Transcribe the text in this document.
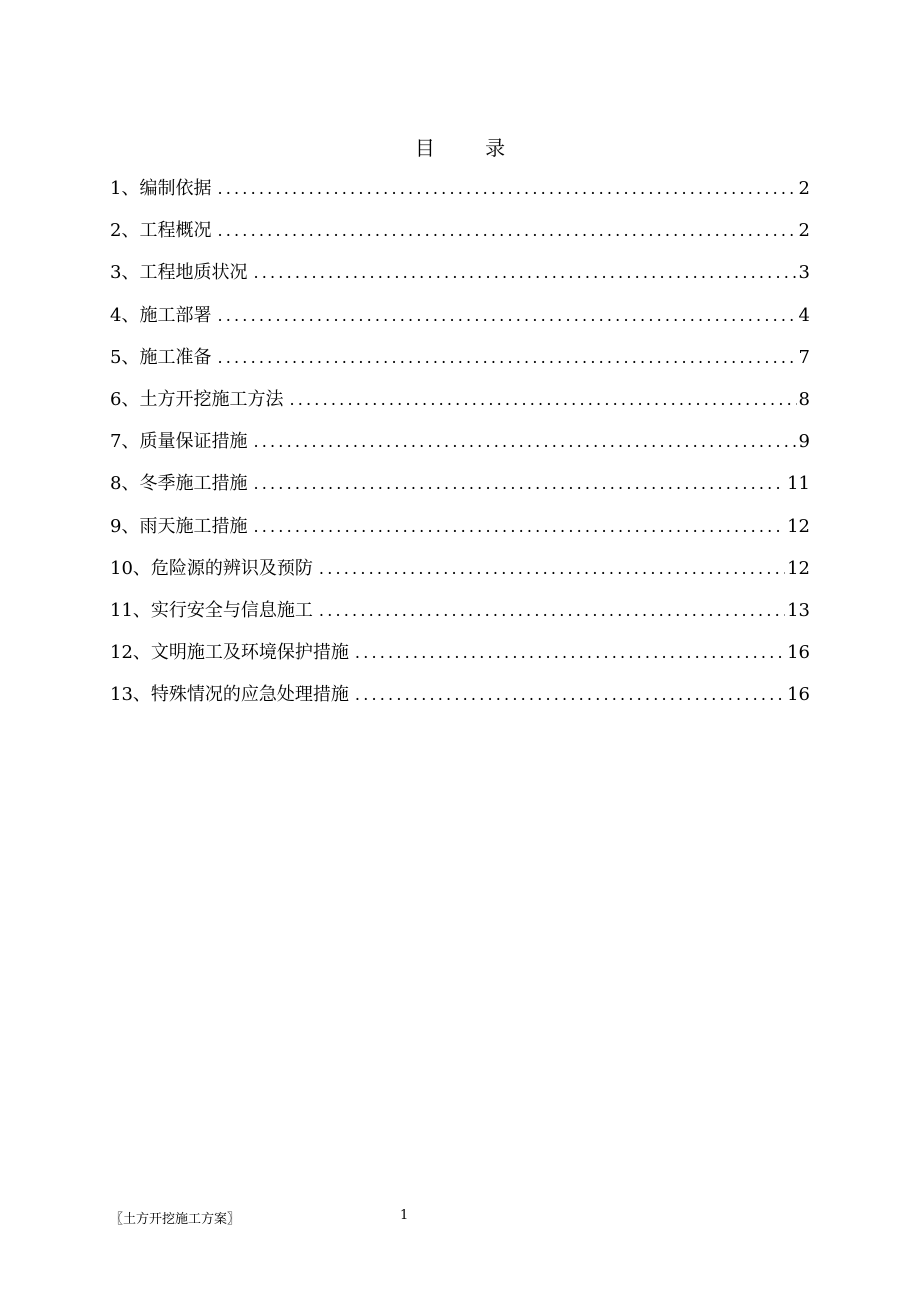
目 录
1、编制依据 .....	2
2、工程概况 .....	2
3、工程地质状况 .....	3
4、施工部署 .....	4
5、施工准备 .....	7
6、土方开挖施工方法 .....	8
7、质量保证措施 .....	9
8、冬季施工措施 .....	11
9、雨天施工措施 .....	12
10、危险源的辨识及预防 .....	12
11、实行安全与信息施工 .....	13
12、文明施工及环境保护措施 .....	16
13、特殊情况的应急处理措施 .....	16
〖土方开挖施工方案〗	1
